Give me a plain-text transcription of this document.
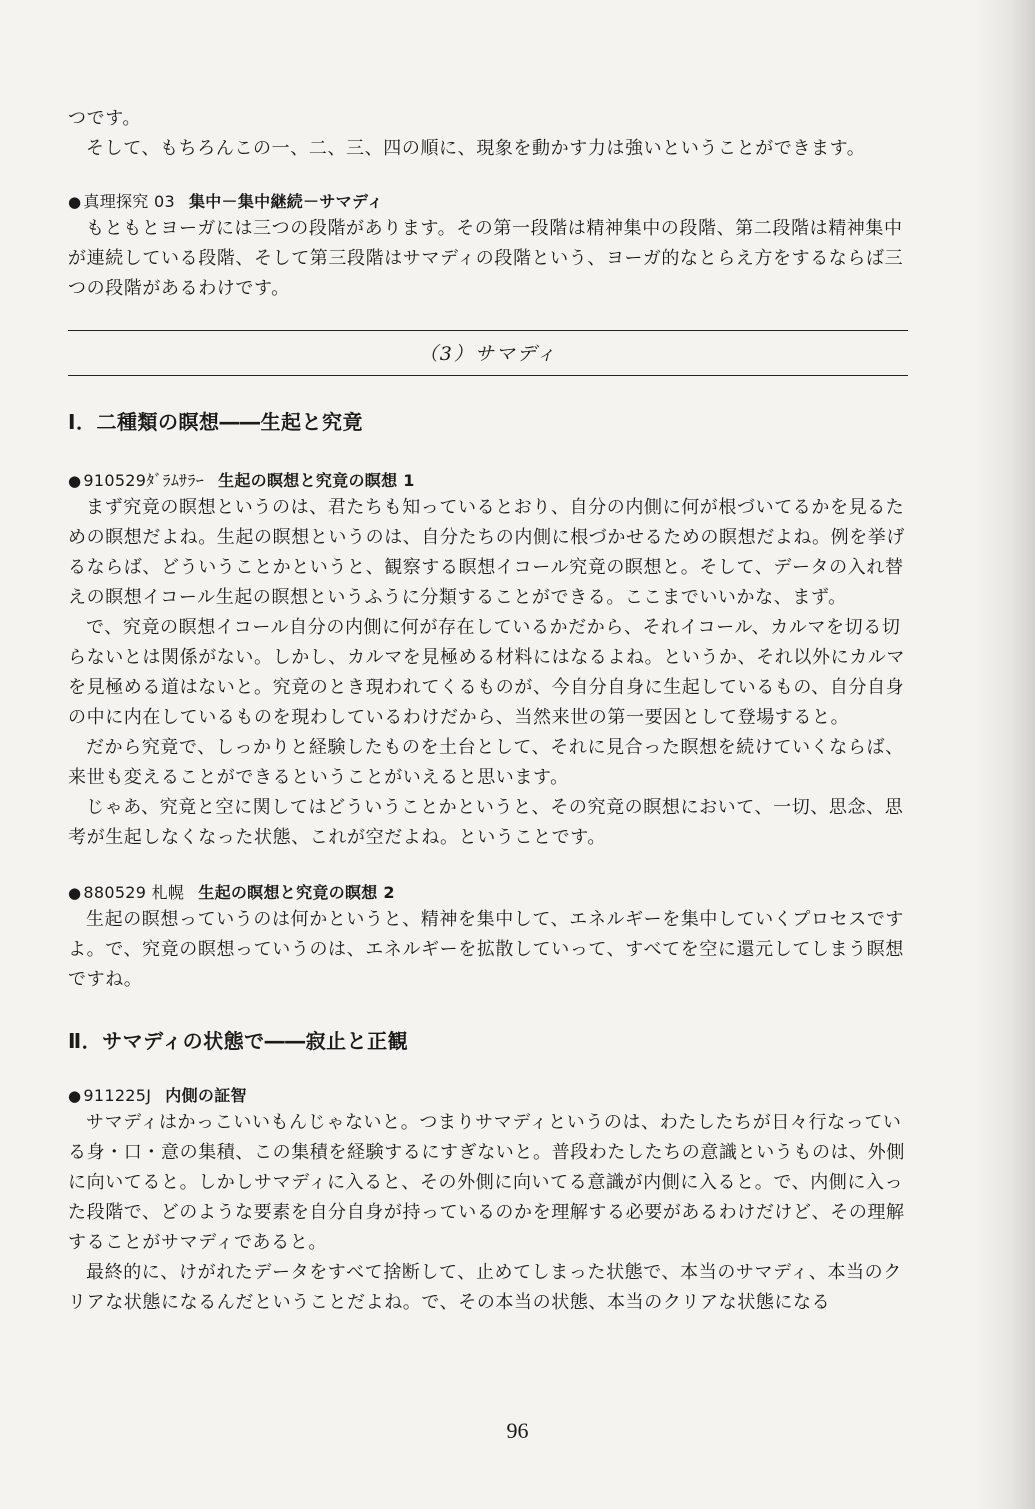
つです。

そして、もちろんこの一、二、三、四の順に、現象を動かす力は強いということができます。

● 真理探究 03 集中－集中継続－サマディ

もともとヨーガには三つの段階があります。その第一段階は精神集中の段階、第二段階は精神集中が連続している段階、そして第三段階はサマディの段階という、ヨーガ的なとらえ方をするならば三つの段階があるわけです。

（3）サマディ

Ⅰ．二種類の瞑想――生起と究竟

● 910529ﾀﾞﾗﾑｻﾗｰ 生起の瞑想と究竟の瞑想 1

まず究竟の瞑想というのは、君たちも知っているとおり、自分の内側に何が根づいてるかを見るための瞑想だよね。生起の瞑想というのは、自分たちの内側に根づかせるための瞑想だよね。例を挙げるならば、どういうことかというと、観察する瞑想イコール究竟の瞑想と。そして、データの入れ替えの瞑想イコール生起の瞑想というふうに分類することができる。ここまでいいかな、まず。

で、究竟の瞑想イコール自分の内側に何が存在しているかだから、それイコール、カルマを切る切らないとは関係がない。しかし、カルマを見極める材料にはなるよね。というか、それ以外にカルマを見極める道はないと。究竟のとき現われてくるものが、今自分自身に生起しているもの、自分自身の中に内在しているものを現わしているわけだから、当然来世の第一要因として登場すると。

だから究竟で、しっかりと経験したものを土台として、それに見合った瞑想を続けていくならば、来世も変えることができるということがいえると思います。

じゃあ、究竟と空に関してはどういうことかというと、その究竟の瞑想において、一切、思念、思考が生起しなくなった状態、これが空だよね。ということです。

● 880529 札幌 生起の瞑想と究竟の瞑想 2

生起の瞑想っていうのは何かというと、精神を集中して、エネルギーを集中していくプロセスですよ。で、究竟の瞑想っていうのは、エネルギーを拡散していって、すべてを空に還元してしまう瞑想ですね。

Ⅱ．サマディの状態で――寂止と正観

● 911225J 内側の証智

サマディはかっこいいもんじゃないと。つまりサマディというのは、わたしたちが日々行なっている身・口・意の集積、この集積を経験するにすぎないと。普段わたしたちの意識というものは、外側に向いてると。しかしサマディに入ると、その外側に向いてる意識が内側に入ると。で、内側に入った段階で、どのような要素を自分自身が持っているのかを理解する必要があるわけだけど、その理解することがサマディであると。

最終的に、けがれたデータをすべて捨断して、止めてしまった状態で、本当のサマディ、本当のクリアな状態になるんだということだよね。で、その本当の状態、本当のクリアな状態になる

96
